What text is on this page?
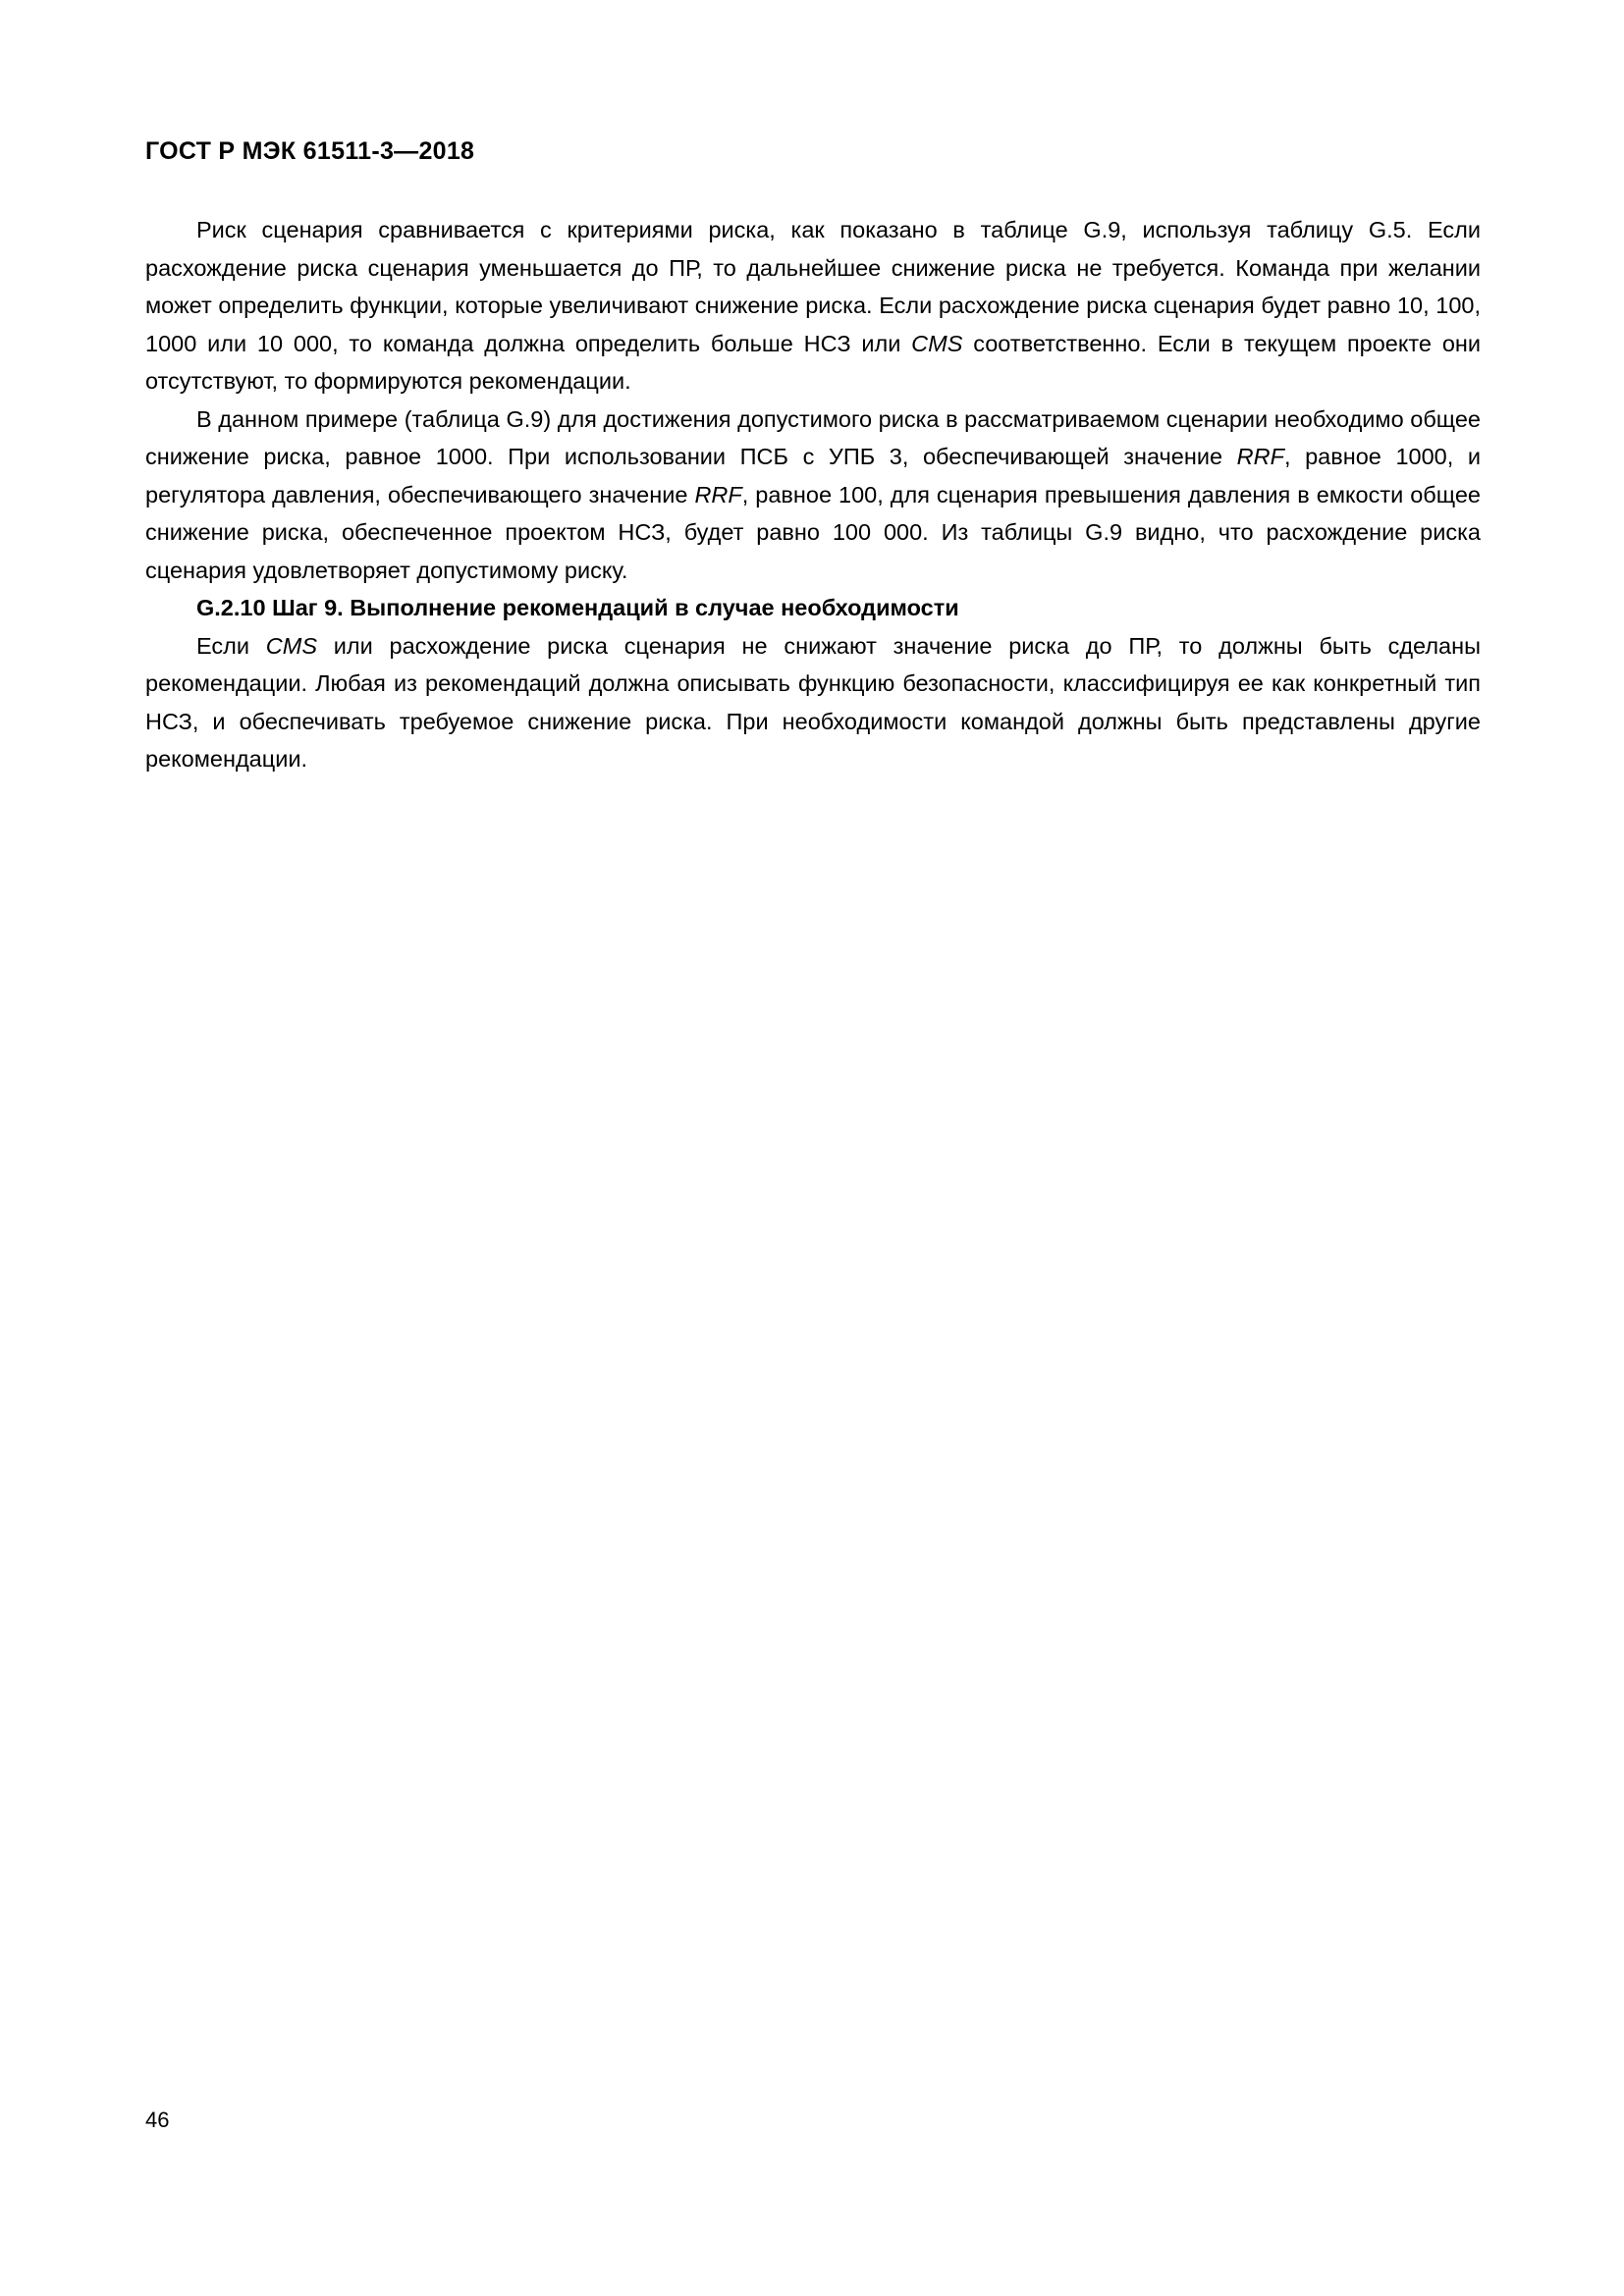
ГОСТ Р МЭК 61511-3—2018

Риск сценария сравнивается с критериями риска, как показано в таблице G.9, используя таблицу G.5. Если расхождение риска сценария уменьшается до ПР, то дальнейшее снижение риска не требуется. Команда при желании может определить функции, которые увеличивают снижение риска. Если расхождение риска сценария будет равно 10, 100, 1000 или 10 000, то команда должна определить больше НСЗ или CMS соответственно. Если в текущем проекте они отсутствуют, то формируются рекомендации.

В данном примере (таблица G.9) для достижения допустимого риска в рассматриваемом сценарии необходимо общее снижение риска, равное 1000. При использовании ПСБ с УПБ 3, обеспечивающей значение RRF, равное 1000, и регулятора давления, обеспечивающего значение RRF, равное 100, для сценария превышения давления в емкости общее снижение риска, обеспеченное проектом НСЗ, будет равно 100 000. Из таблицы G.9 видно, что расхождение риска сценария удовлетворяет допустимому риску.

G.2.10 Шаг 9. Выполнение рекомендаций в случае необходимости

Если CMS или расхождение риска сценария не снижают значение риска до ПР, то должны быть сделаны рекомендации. Любая из рекомендаций должна описывать функцию безопасности, классифицируя ее как конкретный тип НСЗ, и обеспечивать требуемое снижение риска. При необходимости командой должны быть представлены другие рекомендации.

46
